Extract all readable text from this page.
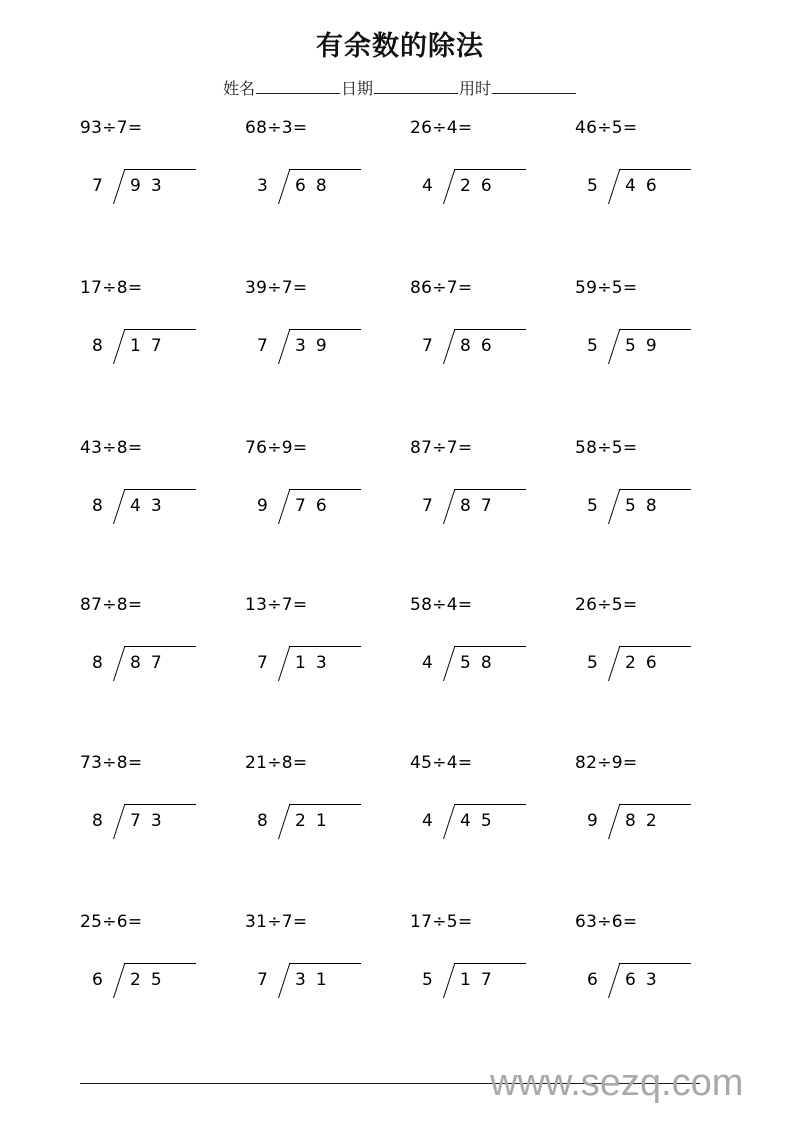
有余数的除法
姓名	日期	用时
93÷7=
7 93
68÷3=
3 68
26÷4=
4 26
46÷5=
5 46
17÷8=
8 17
39÷7=
7 39
86÷7=
7 86
59÷5=
5 59
43÷8=
8 43
76÷9=
9 76
87÷7=
7 87
58÷5=
5 58
87÷8=
8 87
13÷7=
7 13
58÷4=
4 58
26÷5=
5 26
73÷8=
8 73
21÷8=
8 21
45÷4=
4 45
82÷9=
9 82
25÷6=
6 25
31÷7=
7 31
17÷5=
5 17
63÷6=
6 63
www.sezq.com
